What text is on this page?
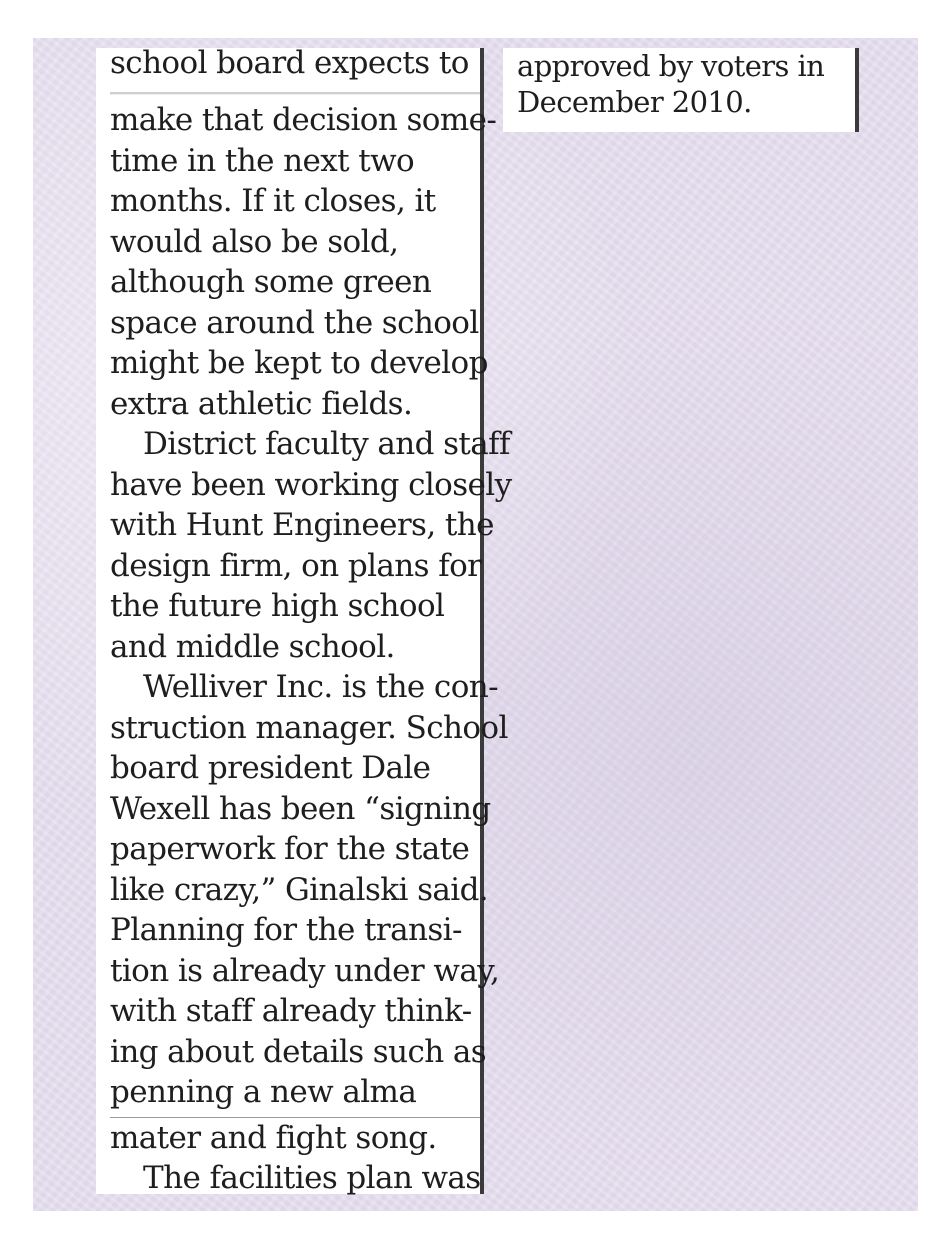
school board expects to
make that decision some-
time in the next two
months. If it closes, it
would also be sold,
although some green
space around the school
might be kept to develop
extra athletic fields.
District faculty and staff
have been working closely
with Hunt Engineers, the
design firm, on plans for
the future high school
and middle school.
Welliver Inc. is the con-
struction manager. School
board president Dale
Wexell has been “signing
paperwork for the state
like crazy,” Ginalski said.
Planning for the transi-
tion is already under way,
with staff already think-
ing about details such as
penning a new alma
mater and fight song.
The facilities plan was
approved by voters in
December 2010.
